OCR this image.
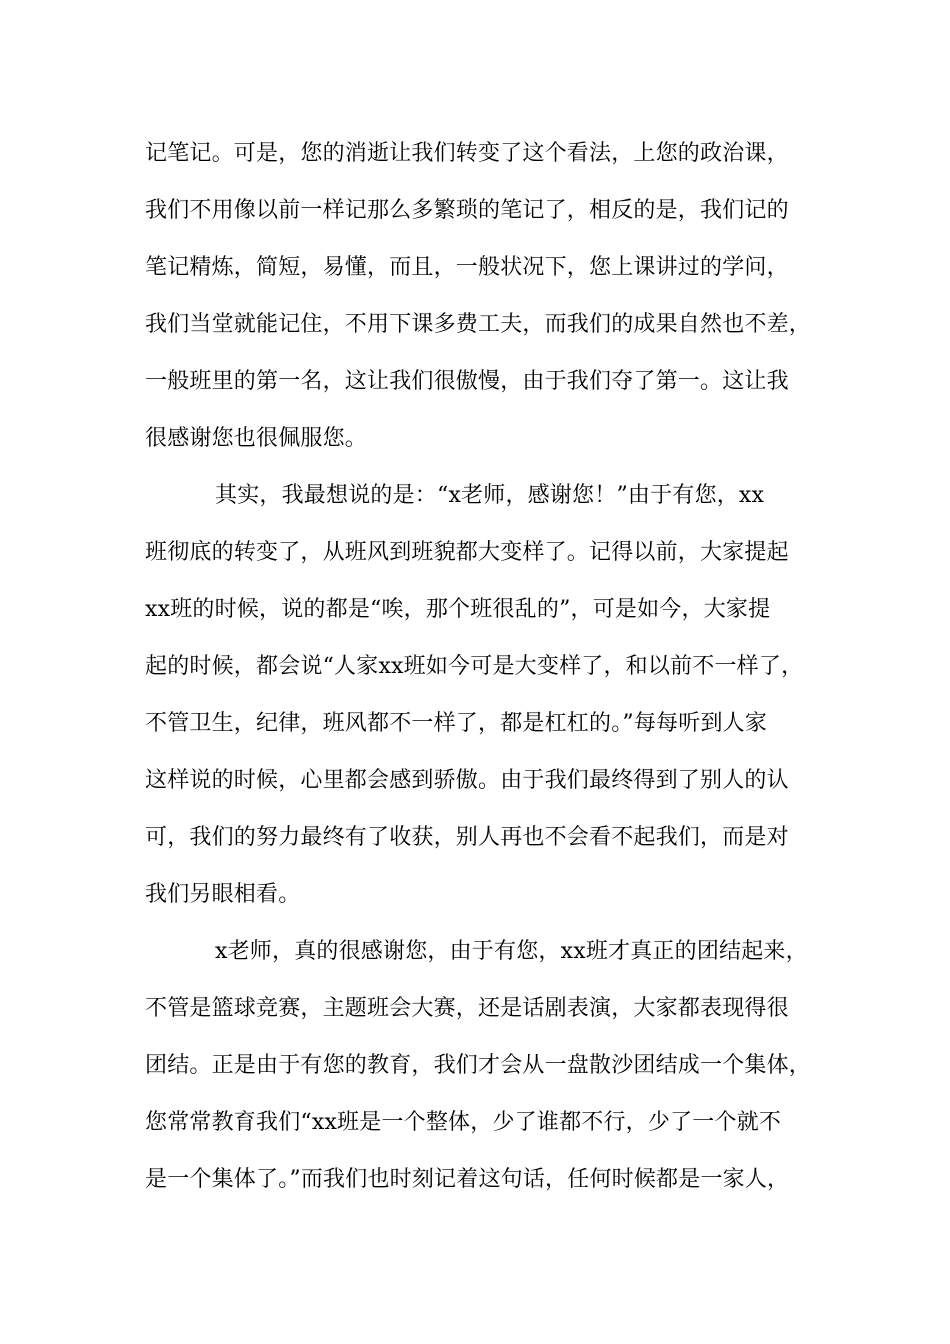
记笔记。可是，您的消逝让我们转变了这个看法，上您的政治课，
我们不用像以前一样记那么多繁琐的笔记了，相反的是，我们记的
笔记精炼，简短，易懂，而且，一般状况下，您上课讲过的学问，
我们当堂就能记住，不用下课多费工夫，而我们的成果自然也不差，
一般班里的第一名，这让我们很傲慢，由于我们夺了第一。这让我
很感谢您也很佩服您。
其实，我最想说的是：“x老师，感谢您！”由于有您，xx
班彻底的转变了，从班风到班貌都大变样了。记得以前，大家提起
xx班的时候，说的都是“唉，那个班很乱的”，可是如今，大家提
起的时候，都会说“人家xx班如今可是大变样了，和以前不一样了，
不管卫生，纪律，班风都不一样了，都是杠杠的。”每每听到人家
这样说的时候，心里都会感到骄傲。由于我们最终得到了别人的认
可，我们的努力最终有了收获，别人再也不会看不起我们，而是对
我们另眼相看。
x老师，真的很感谢您，由于有您，xx班才真正的团结起来，
不管是篮球竞赛，主题班会大赛，还是话剧表演，大家都表现得很
团结。正是由于有您的教育，我们才会从一盘散沙团结成一个集体，
您常常教育我们“xx班是一个整体，少了谁都不行，少了一个就不
是一个集体了。”而我们也时刻记着这句话，任何时候都是一家人，
